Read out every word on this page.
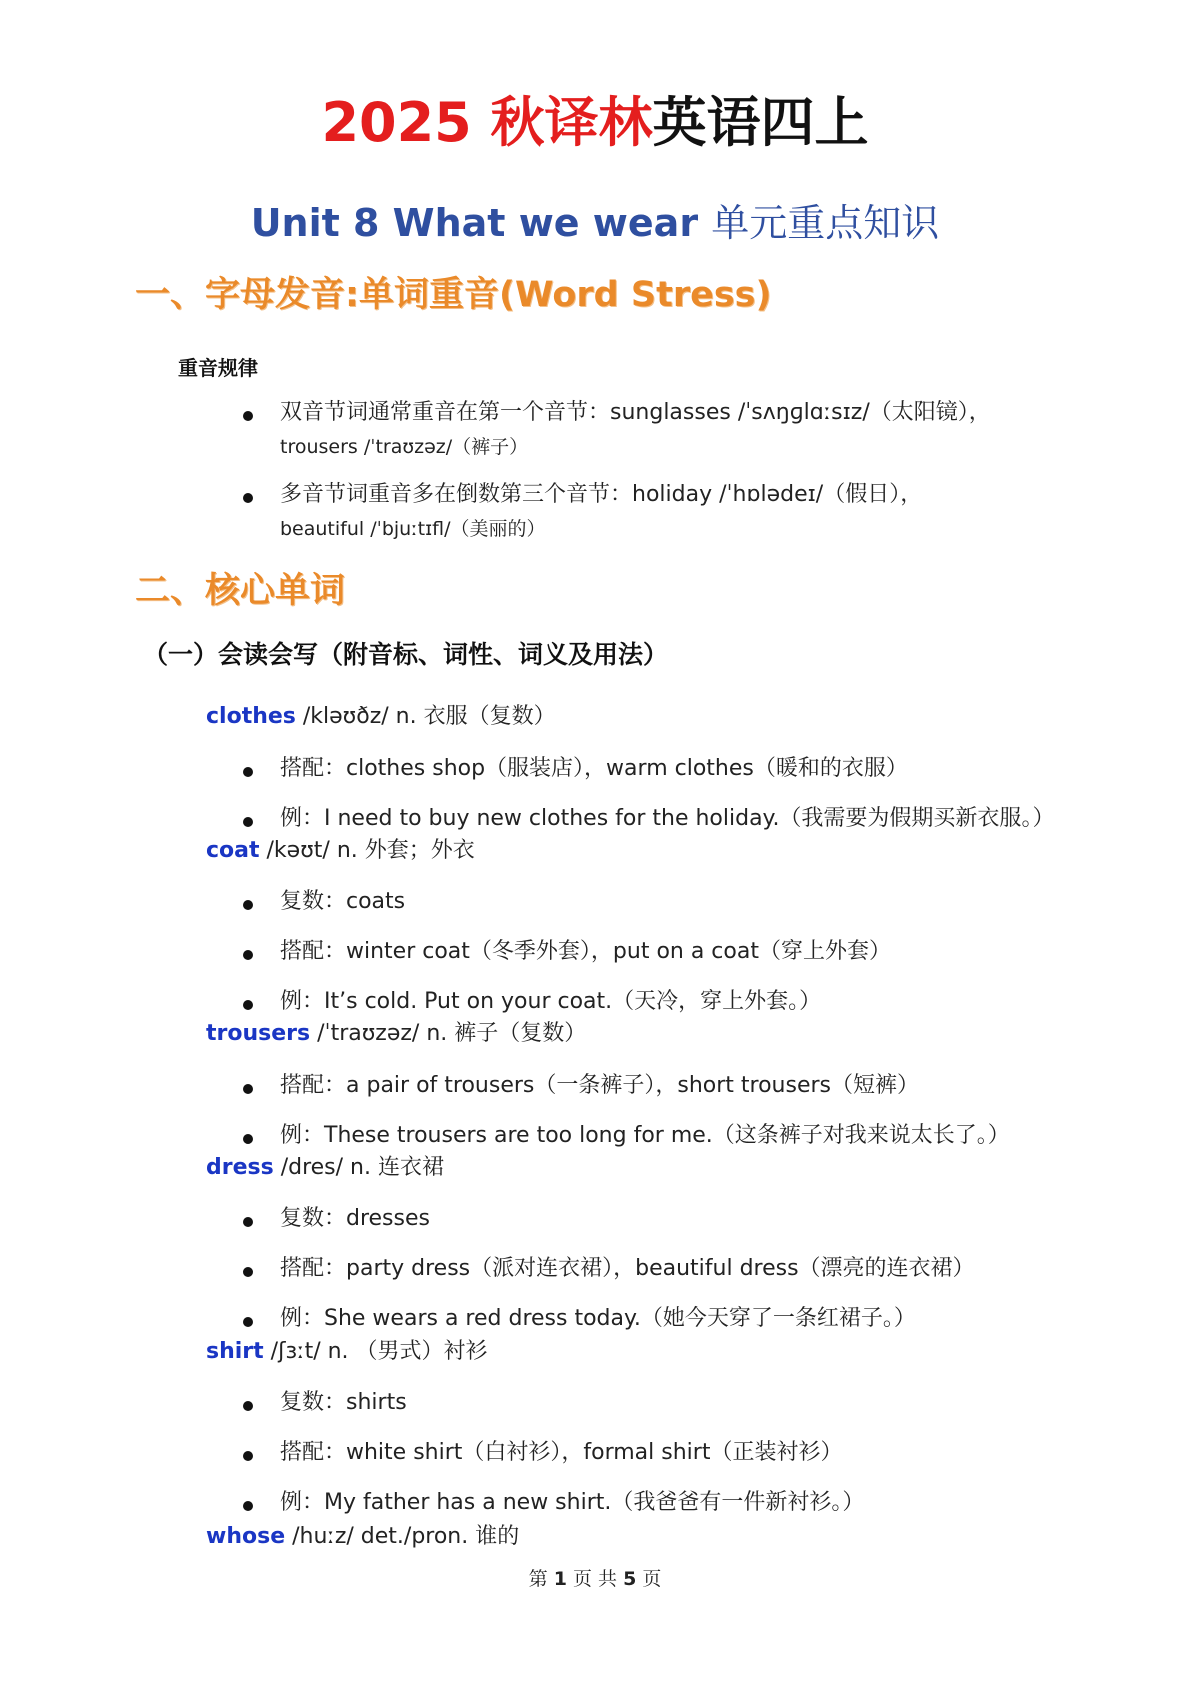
2025 秋译林英语四上
Unit 8 What we wear 单元重点知识
一、字母发音:单词重音(Word Stress)
重音规律
双音节词通常重音在第一个音节：sunglasses /ˈsʌŋɡlɑːsɪz/（太阳镜），
trousers /ˈtraʊzəz/（裤子）
多音节词重音多在倒数第三个音节：holiday /ˈhɒlədeɪ/（假日），
beautiful /ˈbjuːtɪfl/（美丽的）
二、核心单词
（一）会读会写（附音标、词性、词义及用法）
clothes /kləʊðz/ n. 衣服（复数）
搭配：clothes shop（服装店），warm clothes（暖和的衣服）
例：I need to buy new clothes for the holiday.（我需要为假期买新衣服。）
coat /kəʊt/ n. 外套；外衣
复数：coats
搭配：winter coat（冬季外套），put on a coat（穿上外套）
例：It’s cold. Put on your coat.（天冷，穿上外套。）
trousers /ˈtraʊzəz/ n. 裤子（复数）
搭配：a pair of trousers（一条裤子），short trousers（短裤）
例：These trousers are too long for me.（这条裤子对我来说太长了。）
dress /dres/ n. 连衣裙
复数：dresses
搭配：party dress（派对连衣裙），beautiful dress（漂亮的连衣裙）
例：She wears a red dress today.（她今天穿了一条红裙子。）
shirt /ʃɜːt/ n. （男式）衬衫
复数：shirts
搭配：white shirt（白衬衫），formal shirt（正装衬衫）
例：My father has a new shirt.（我爸爸有一件新衬衫。）
whose /huːz/ det./pron. 谁的
第 1 页 共 5 页
